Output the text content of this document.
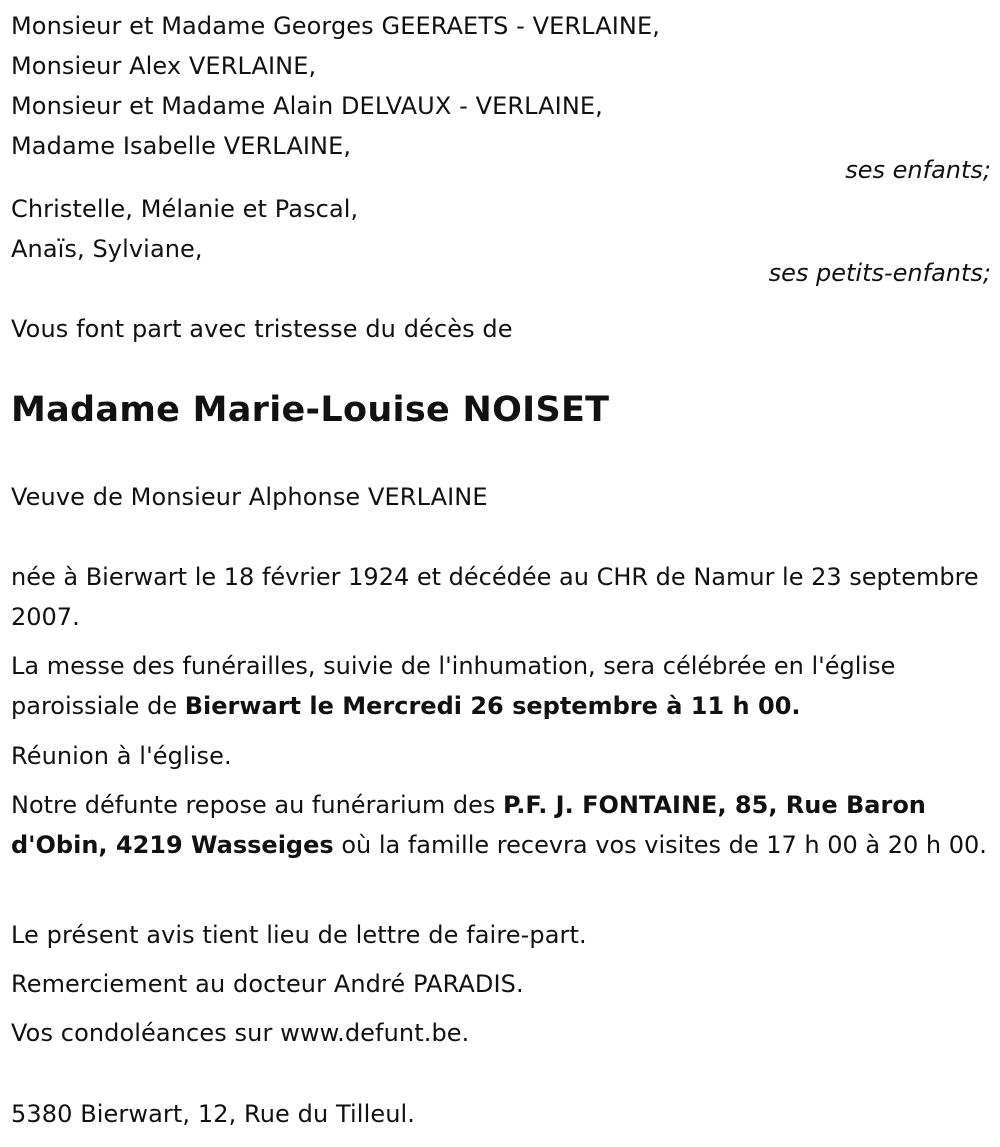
Monsieur et Madame Georges GEERAETS - VERLAINE,
Monsieur Alex VERLAINE,
Monsieur et Madame Alain DELVAUX - VERLAINE,
Madame Isabelle VERLAINE,
ses enfants;
Christelle, Mélanie et Pascal,
Anaïs, Sylviane,
ses petits-enfants;
Vous font part avec tristesse du décès de
Madame Marie-Louise NOISET
Veuve de Monsieur Alphonse VERLAINE
née à Bierwart le 18 février 1924 et décédée au CHR de Namur le 23 septembre 2007.
La messe des funérailles, suivie de l'inhumation, sera célébrée en l'église paroissiale de Bierwart le Mercredi 26 septembre à 11 h 00.
Réunion à l'église.
Notre défunte repose au funérarium des P.F. J. FONTAINE, 85, Rue Baron d'Obin, 4219 Wasseiges où la famille recevra vos visites de 17 h 00 à 20 h 00.
Le présent avis tient lieu de lettre de faire-part.
Remerciement au docteur André PARADIS.
Vos condoléances sur www.defunt.be.
5380 Bierwart, 12, Rue du Tilleul.
